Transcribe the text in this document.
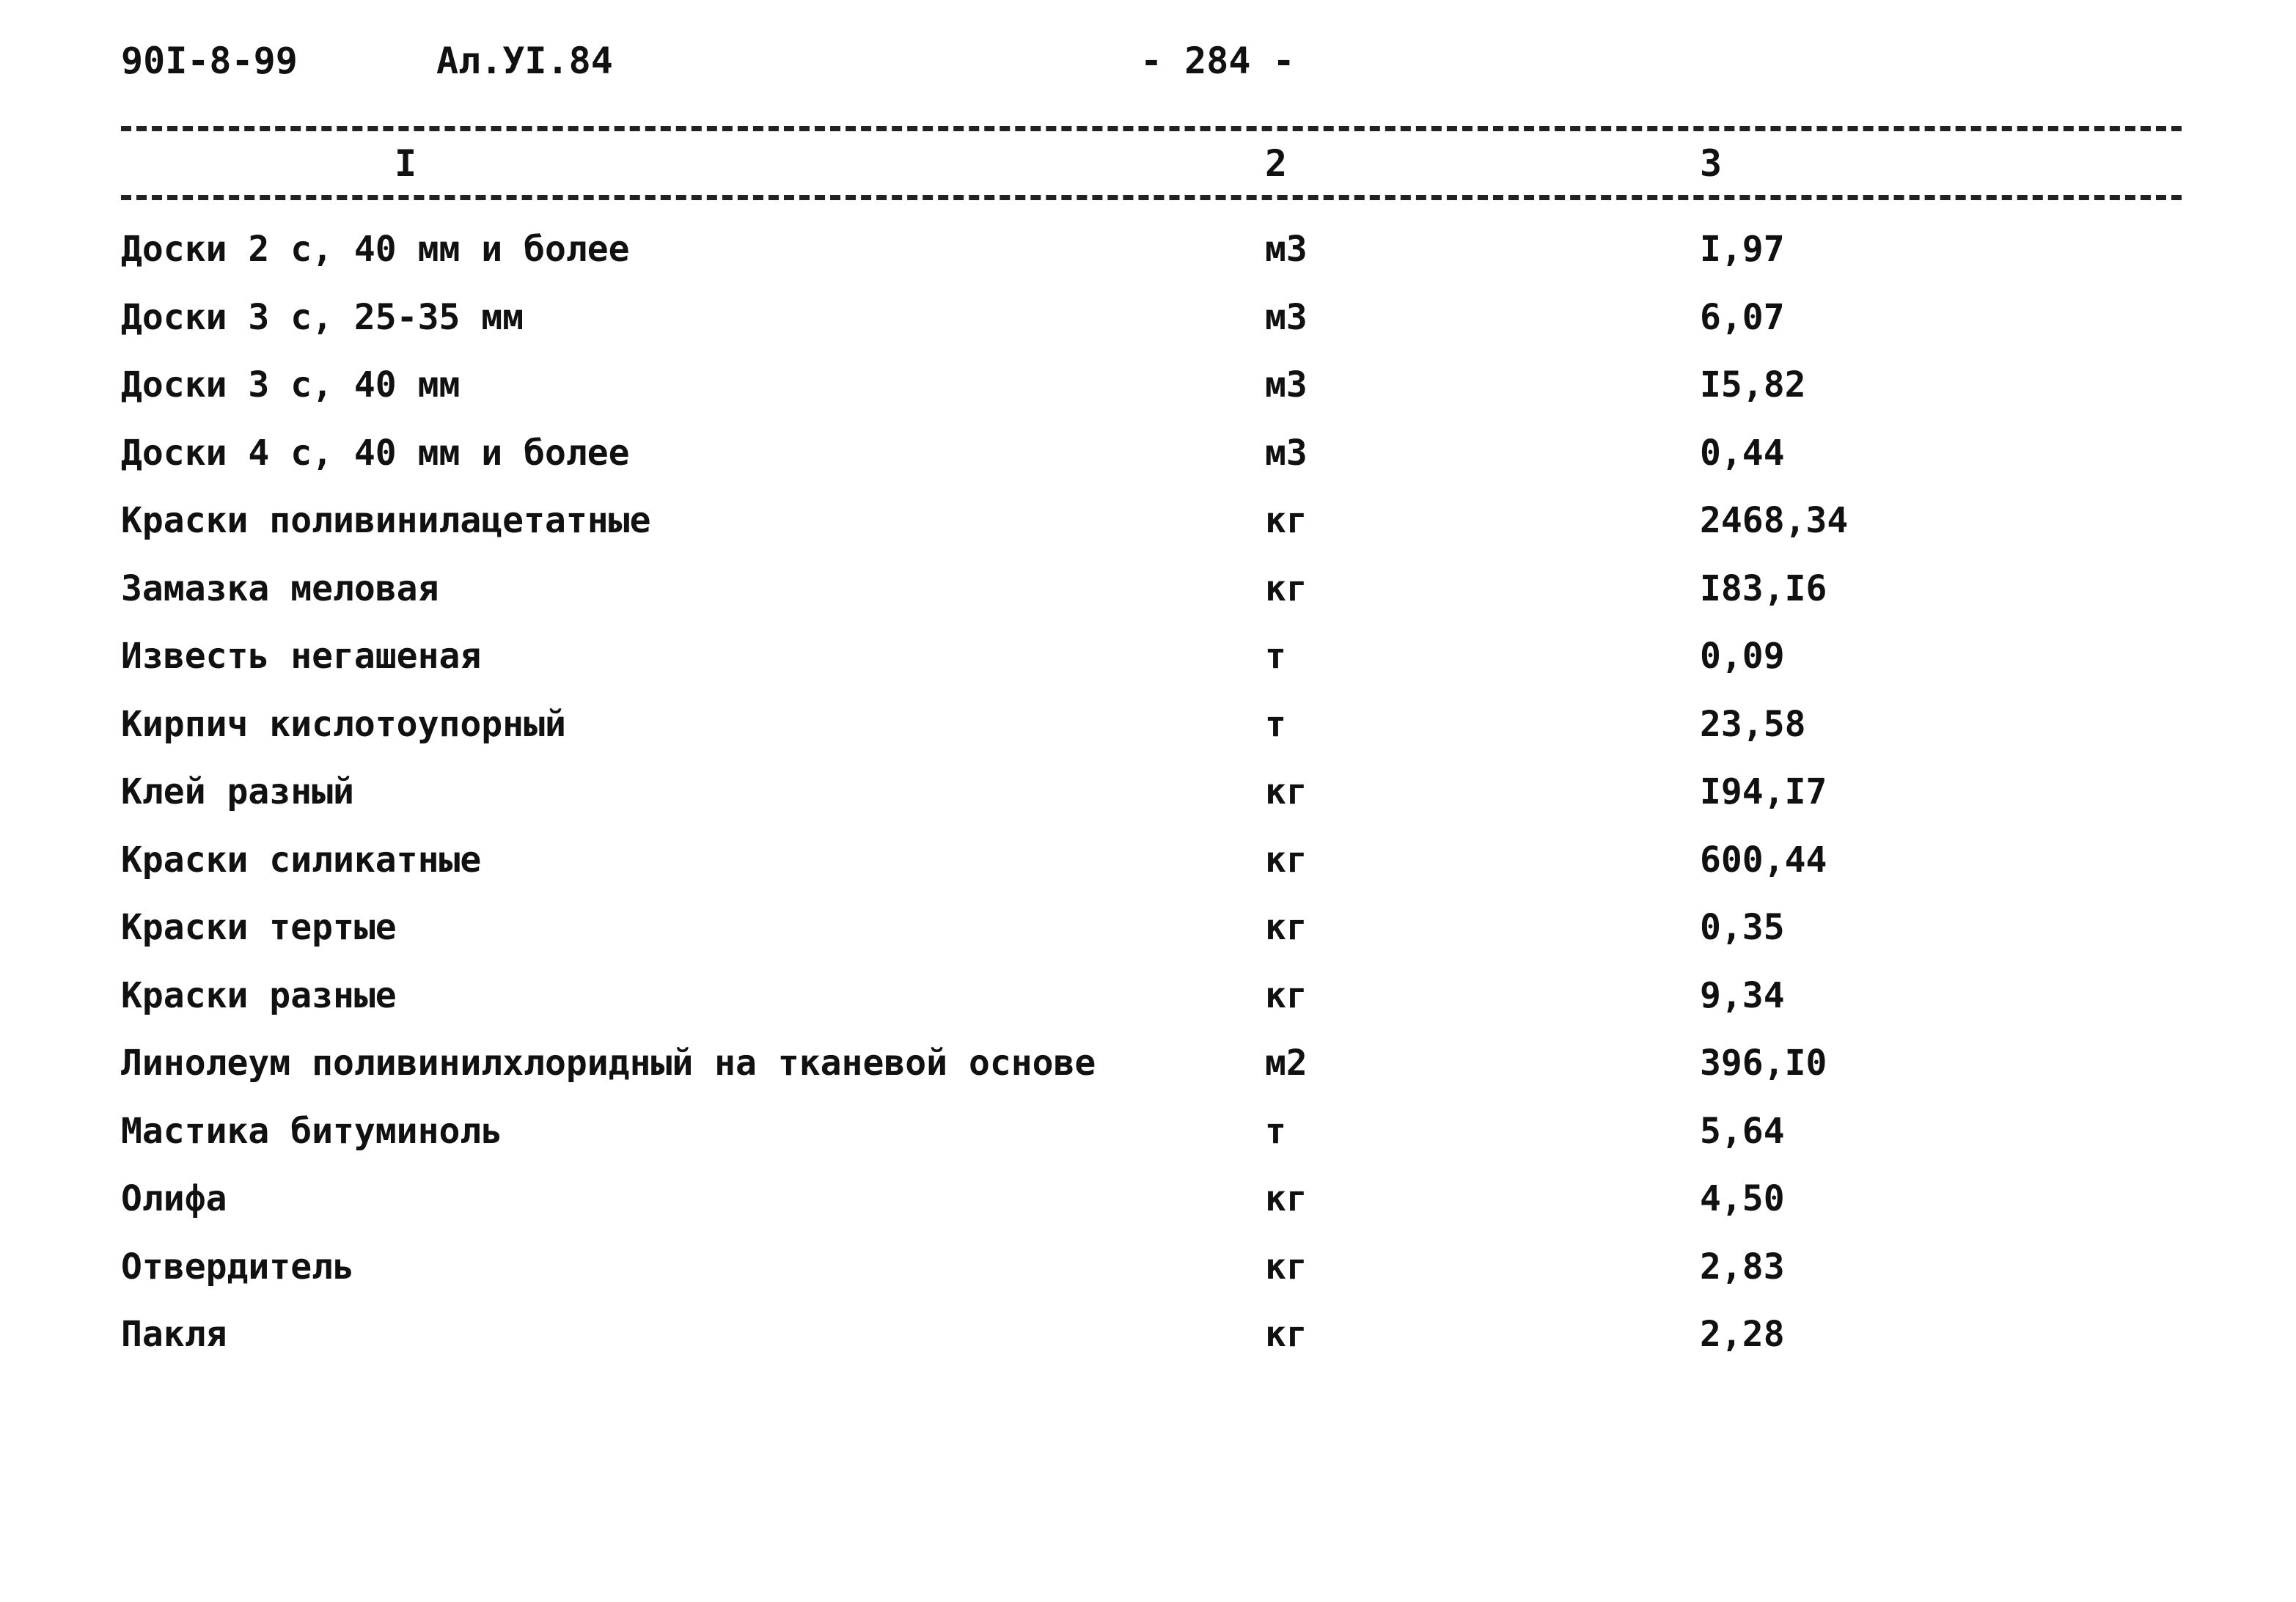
90I-8-99	Ал.УI.84	- 284 -
I	2	3
Доски 2 с, 40 мм и более	м3	I,97
Доски 3 с, 25-35 мм	м3	6,07
Доски 3 с, 40 мм	м3	I5,82
Доски 4 с, 40 мм и более	м3	0,44
Краски поливинилацетатные	кг	2468,34
Замазка меловая	кг	I83,I6
Известь негашеная	т	0,09
Кирпич кислотоупорный	т	23,58
Клей разный	кг	I94,I7
Краски силикатные	кг	600,44
Краски тертые	кг	0,35
Краски разные	кг	9,34
Линолеум поливинилхлоридный на тканевой основе	м2	396,I0
Мастика битуминоль	т	5,64
Олифа	кг	4,50
Отвердитель	кг	2,83
Пакля	кг	2,28
